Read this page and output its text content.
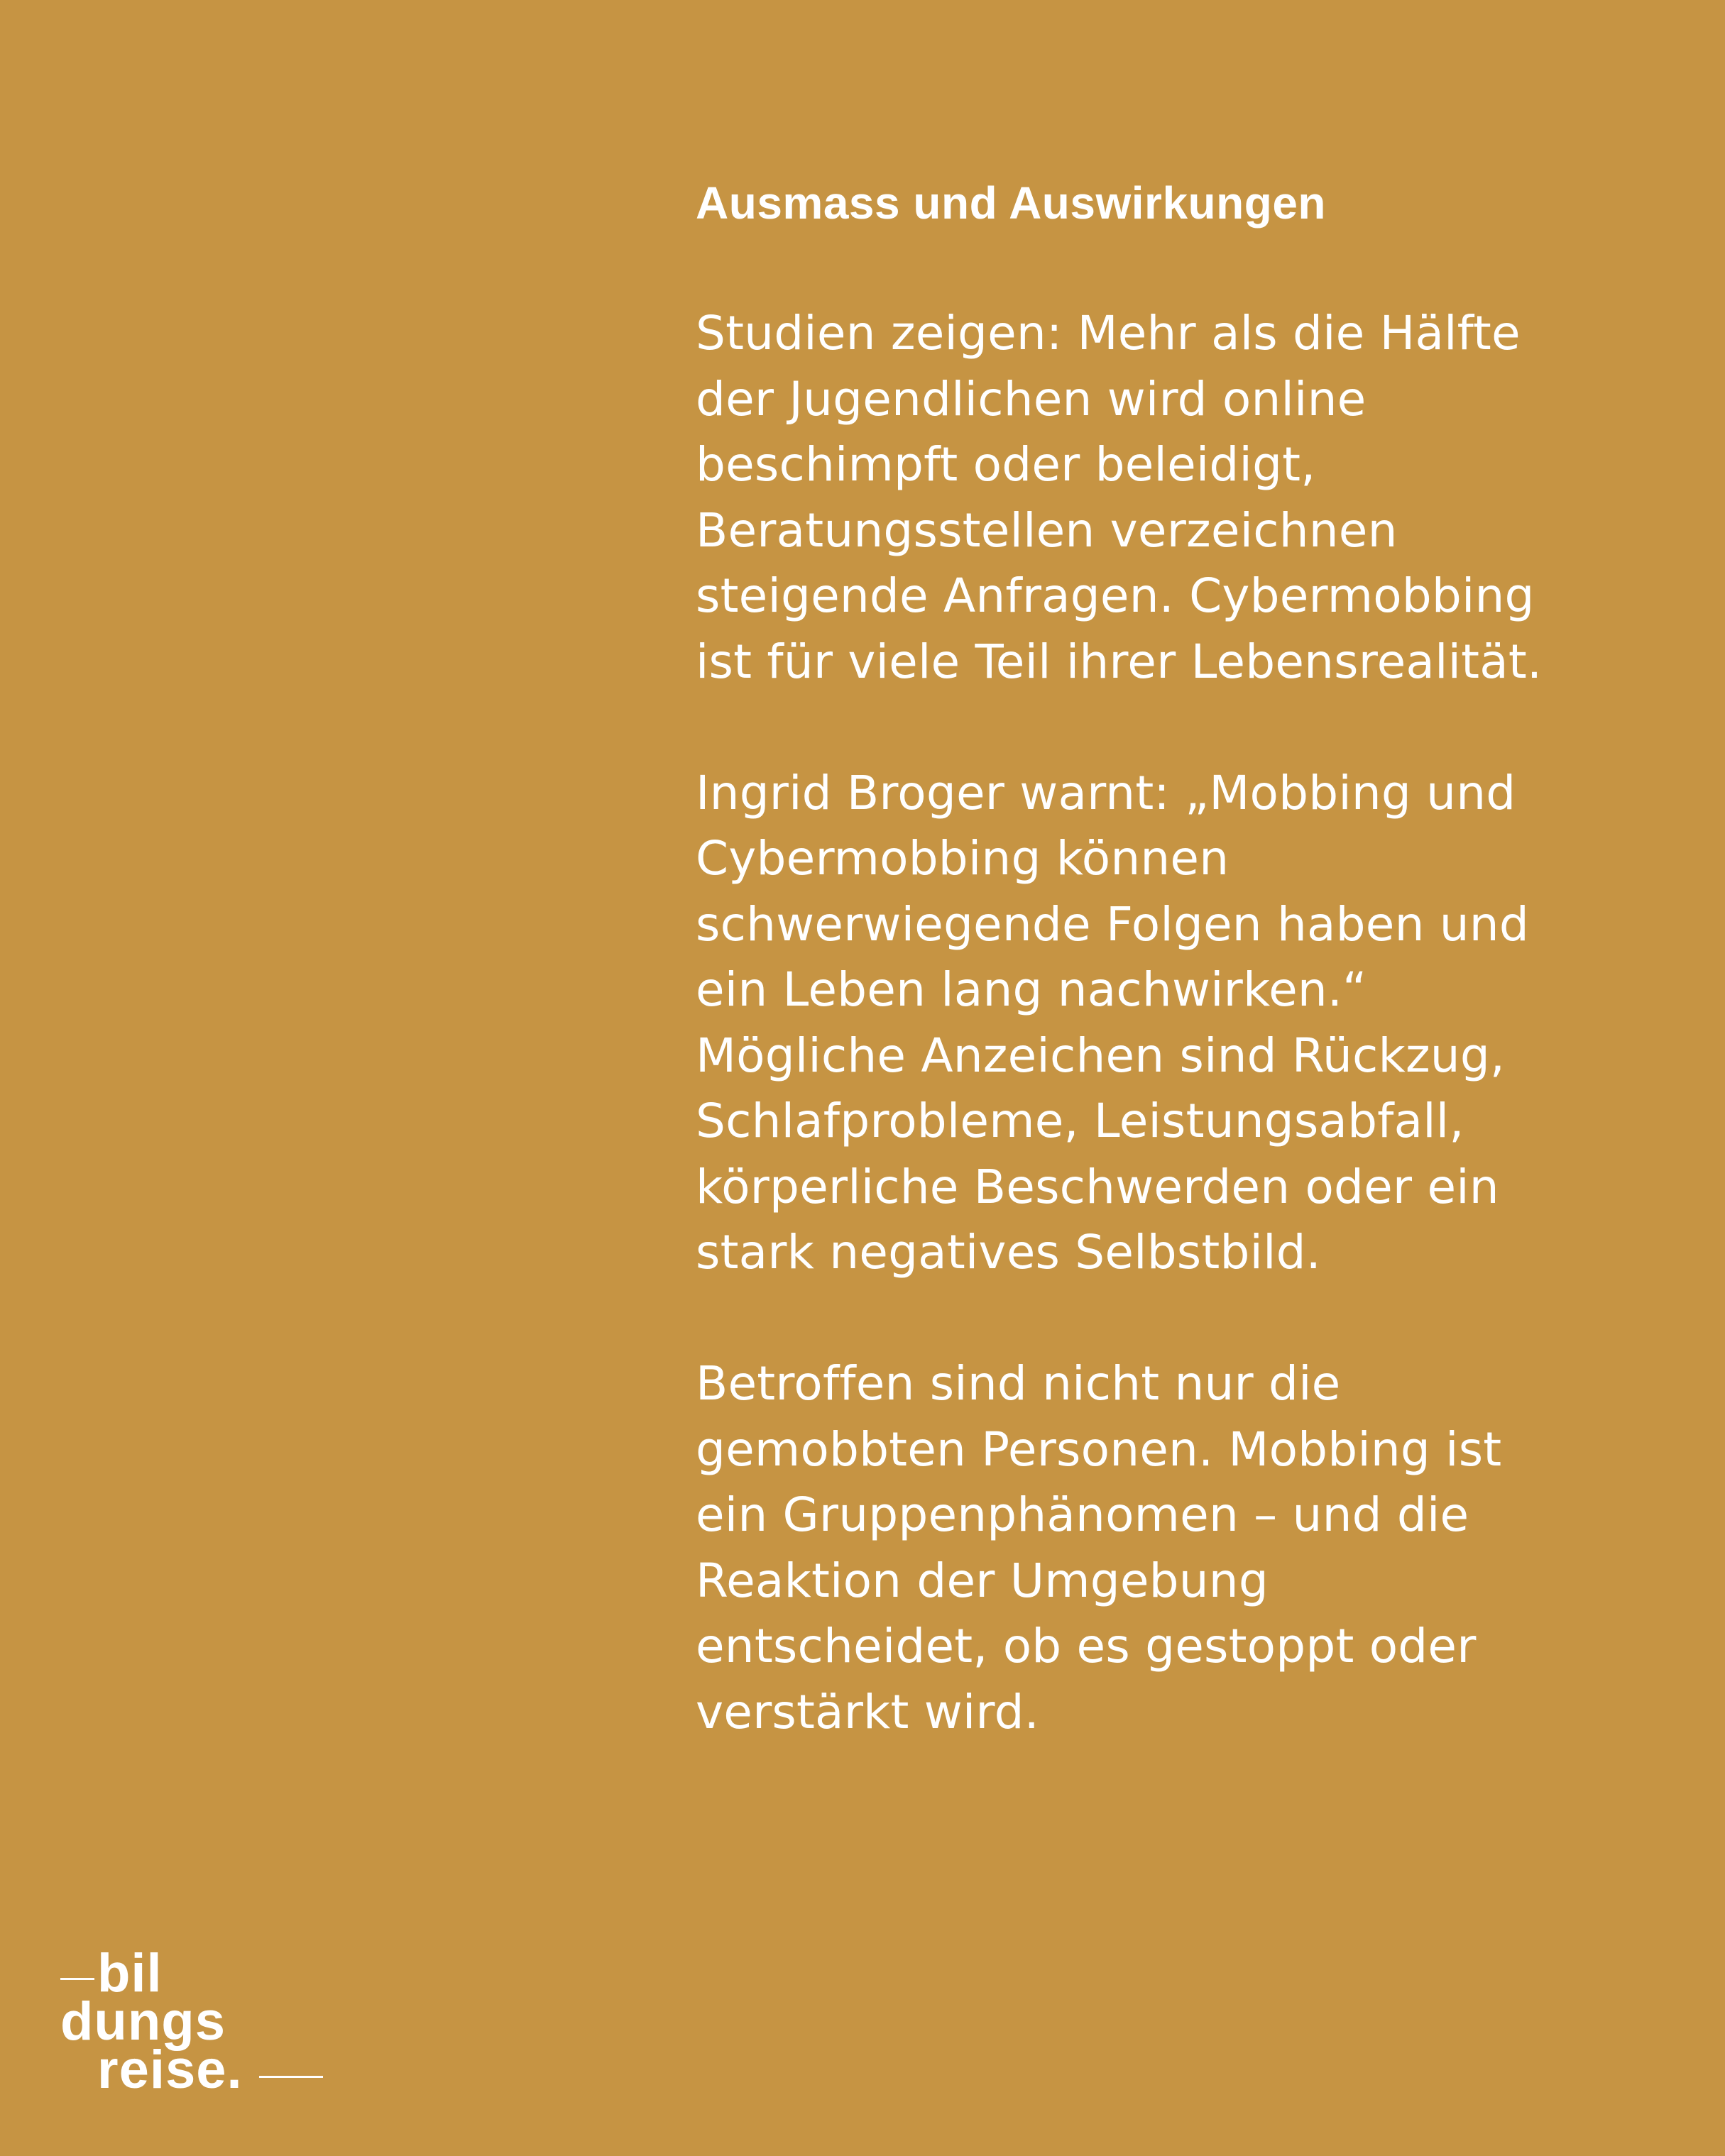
Ausmass und Auswirkungen

Studien zeigen: Mehr als die Hälfte
der Jugendlichen wird online
beschimpft oder beleidigt,
Beratungsstellen verzeichnen
steigende Anfragen. Cybermobbing
ist für viele Teil ihrer Lebensrealität.

Ingrid Broger warnt: „Mobbing und
Cybermobbing können
schwerwiegende Folgen haben und
ein Leben lang nachwirken.“
Mögliche Anzeichen sind Rückzug,
Schlafprobleme, Leistungsabfall,
körperliche Beschwerden oder ein
stark negatives Selbstbild.

Betroffen sind nicht nur die
gemobbten Personen. Mobbing ist
ein Gruppenphänomen – und die
Reaktion der Umgebung
entscheidet, ob es gestoppt oder
verstärkt wird.

bil
dungs
reise.
